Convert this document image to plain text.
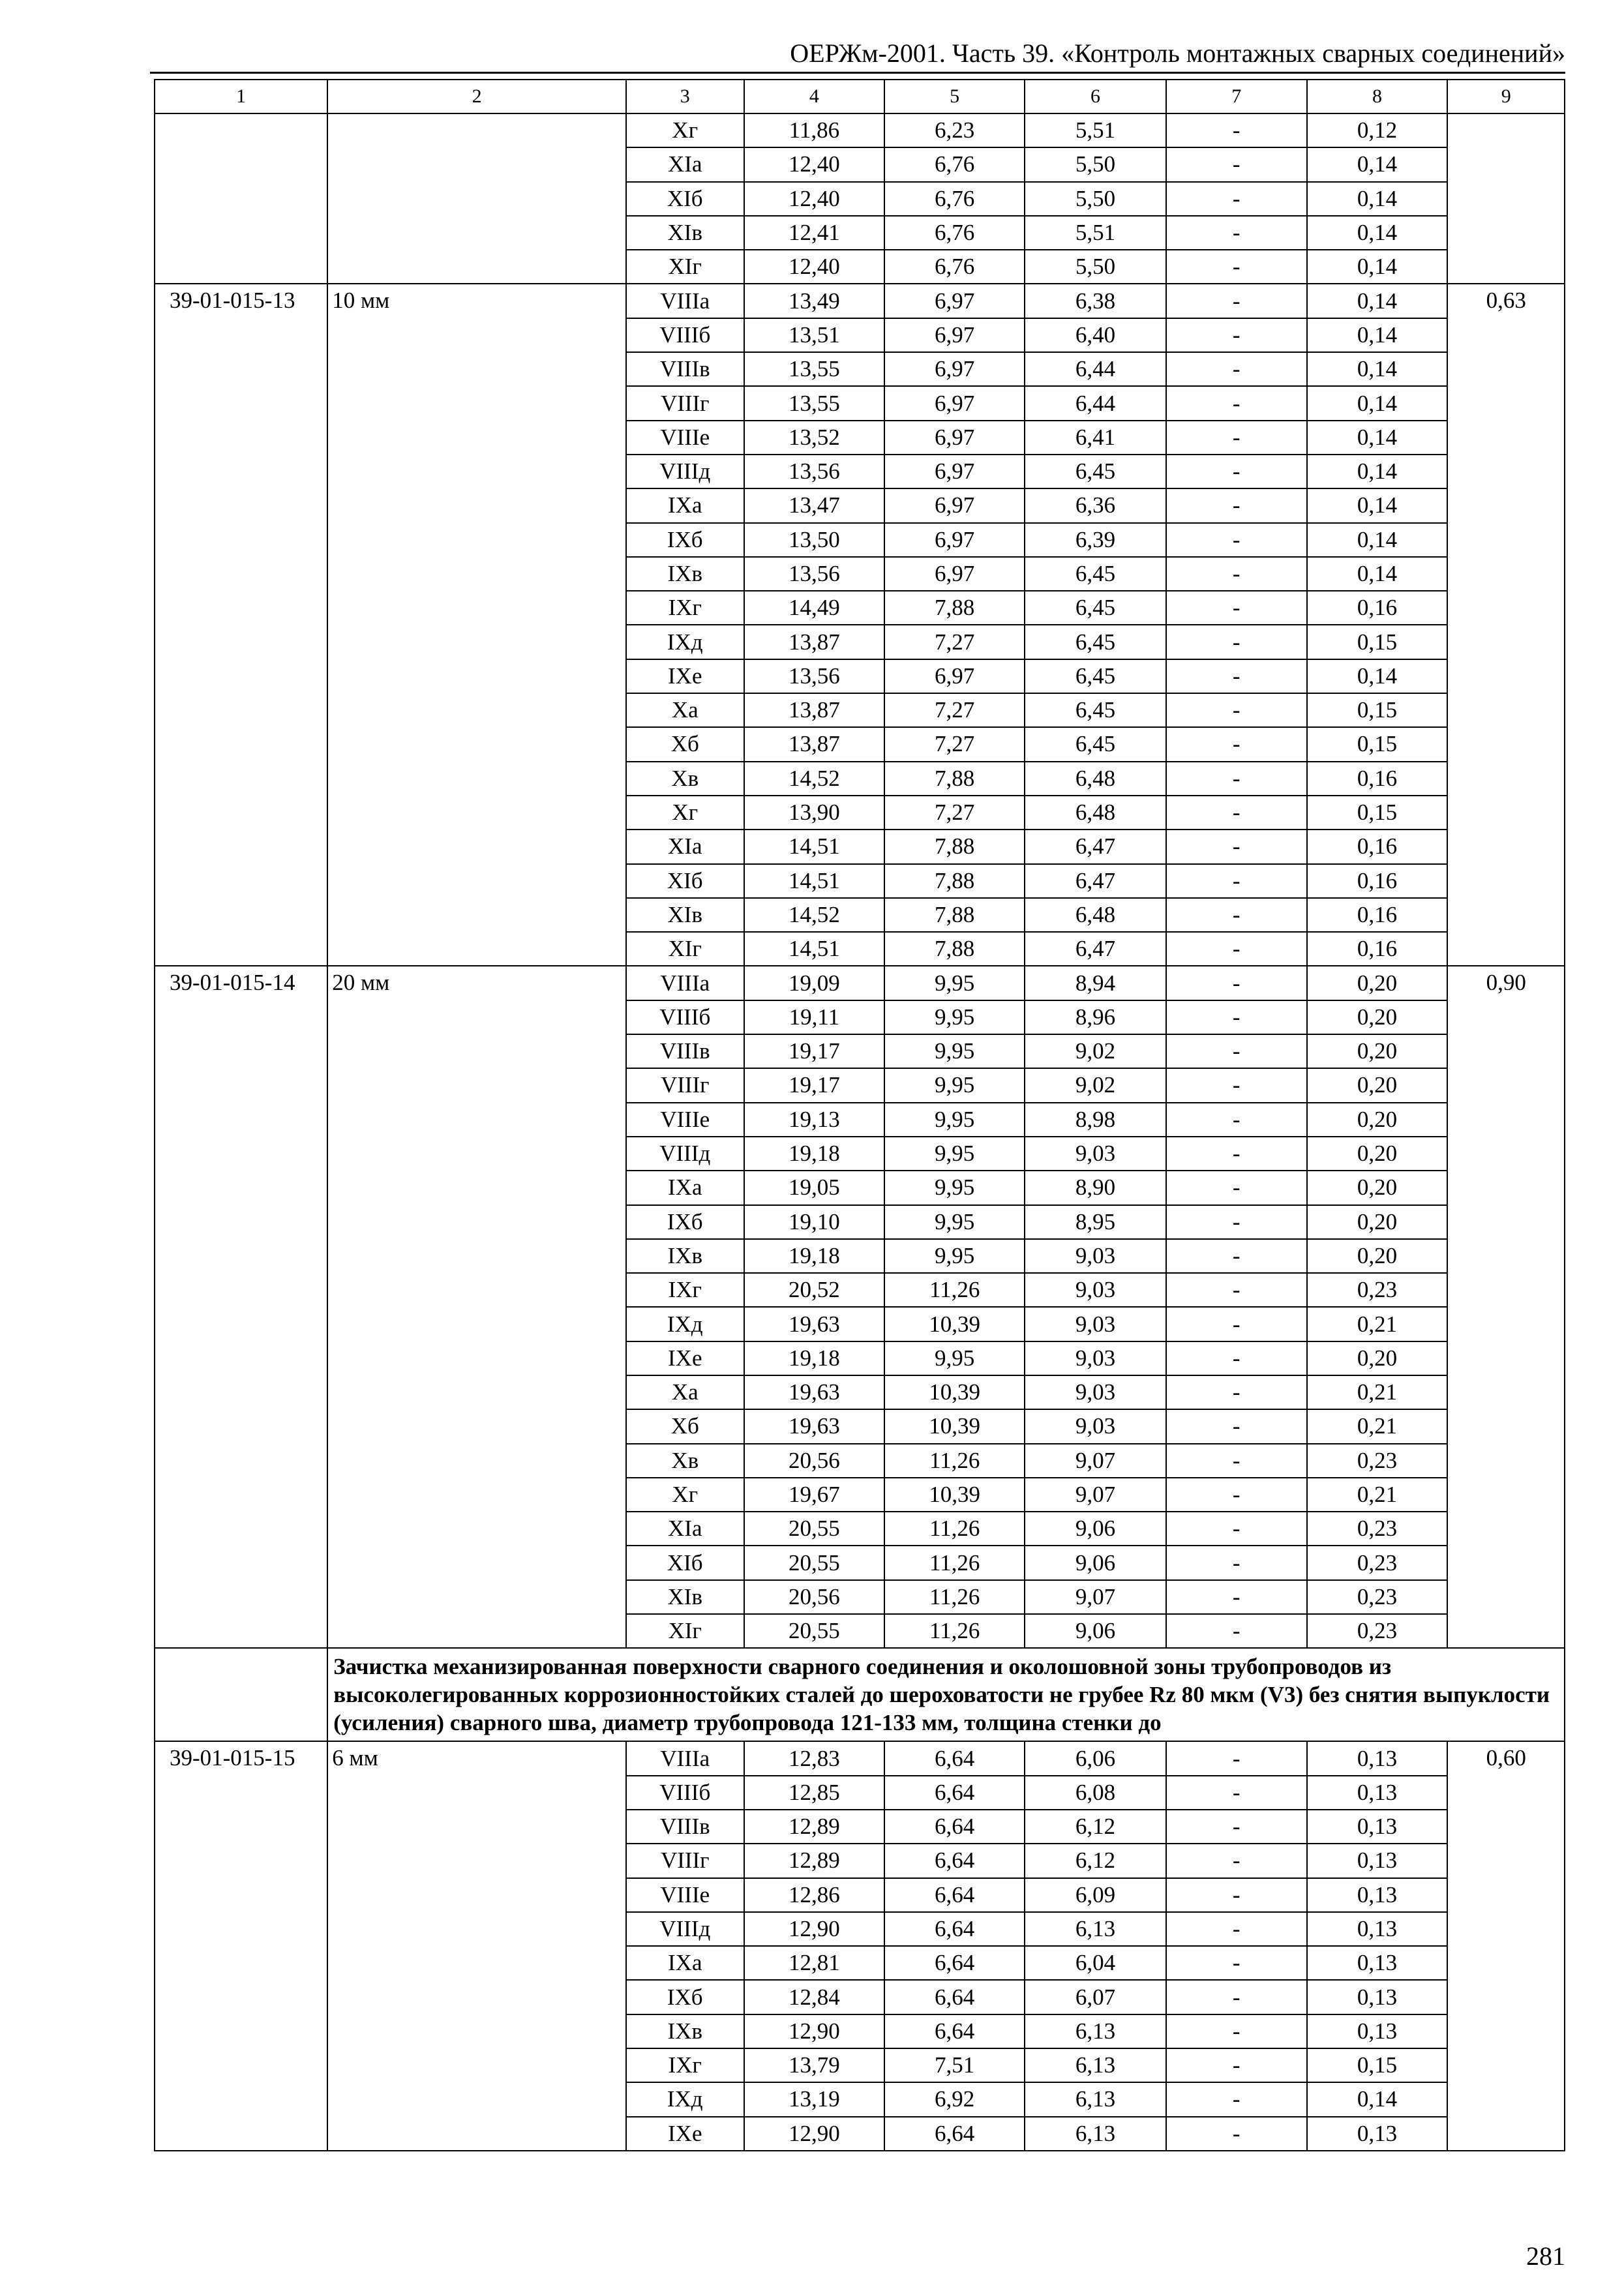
ОЕРЖм-2001. Часть 39. «Контроль монтажных сварных соединений»
1	2	3	4	5	6	7	8	9
		Хг	11,86	6,23	5,51	-	0,12	
		XIа	12,40	6,76	5,50	-	0,14	
		XIб	12,40	6,76	5,50	-	0,14	
		XIв	12,41	6,76	5,51	-	0,14	
		XIг	12,40	6,76	5,50	-	0,14	
39-01-015-13	10 мм	VIIIа	13,49	6,97	6,38	-	0,14	0,63
		VIIIб	13,51	6,97	6,40	-	0,14	
		VIIIв	13,55	6,97	6,44	-	0,14	
		VIIIг	13,55	6,97	6,44	-	0,14	
		VIIIе	13,52	6,97	6,41	-	0,14	
		VIIIд	13,56	6,97	6,45	-	0,14	
		IXа	13,47	6,97	6,36	-	0,14	
		IXб	13,50	6,97	6,39	-	0,14	
		IXв	13,56	6,97	6,45	-	0,14	
		IXг	14,49	7,88	6,45	-	0,16	
		IXд	13,87	7,27	6,45	-	0,15	
		IXе	13,56	6,97	6,45	-	0,14	
		Ха	13,87	7,27	6,45	-	0,15	
		Хб	13,87	7,27	6,45	-	0,15	
		Хв	14,52	7,88	6,48	-	0,16	
		Хг	13,90	7,27	6,48	-	0,15	
		XIа	14,51	7,88	6,47	-	0,16	
		XIб	14,51	7,88	6,47	-	0,16	
		XIв	14,52	7,88	6,48	-	0,16	
		XIг	14,51	7,88	6,47	-	0,16	
39-01-015-14	20 мм	VIIIа	19,09	9,95	8,94	-	0,20	0,90
		VIIIб	19,11	9,95	8,96	-	0,20	
		VIIIв	19,17	9,95	9,02	-	0,20	
		VIIIг	19,17	9,95	9,02	-	0,20	
		VIIIе	19,13	9,95	8,98	-	0,20	
		VIIIд	19,18	9,95	9,03	-	0,20	
		IXа	19,05	9,95	8,90	-	0,20	
		IXб	19,10	9,95	8,95	-	0,20	
		IXв	19,18	9,95	9,03	-	0,20	
		IXг	20,52	11,26	9,03	-	0,23	
		IXд	19,63	10,39	9,03	-	0,21	
		IXе	19,18	9,95	9,03	-	0,20	
		Ха	19,63	10,39	9,03	-	0,21	
		Хб	19,63	10,39	9,03	-	0,21	
		Хв	20,56	11,26	9,07	-	0,23	
		Хг	19,67	10,39	9,07	-	0,21	
		XIа	20,55	11,26	9,06	-	0,23	
		XIб	20,55	11,26	9,06	-	0,23	
		XIв	20,56	11,26	9,07	-	0,23	
		XIг	20,55	11,26	9,06	-	0,23	
	Зачистка механизированная поверхности сварного соединения и околошовной зоны трубопроводов из высоколегированных коррозионностойких сталей до шероховатости не грубее Rz 80 мкм (V3) без снятия выпуклости (усиления) сварного шва, диаметр трубопровода 121-133 мм, толщина стенки до							
39-01-015-15	6 мм	VIIIа	12,83	6,64	6,06	-	0,13	0,60
		VIIIб	12,85	6,64	6,08	-	0,13	
		VIIIв	12,89	6,64	6,12	-	0,13	
		VIIIг	12,89	6,64	6,12	-	0,13	
		VIIIе	12,86	6,64	6,09	-	0,13	
		VIIIд	12,90	6,64	6,13	-	0,13	
		IXа	12,81	6,64	6,04	-	0,13	
		IXб	12,84	6,64	6,07	-	0,13	
		IXв	12,90	6,64	6,13	-	0,13	
		IXг	13,79	7,51	6,13	-	0,15	
		IXд	13,19	6,92	6,13	-	0,14	
		IXе	12,90	6,64	6,13	-	0,13	
281
